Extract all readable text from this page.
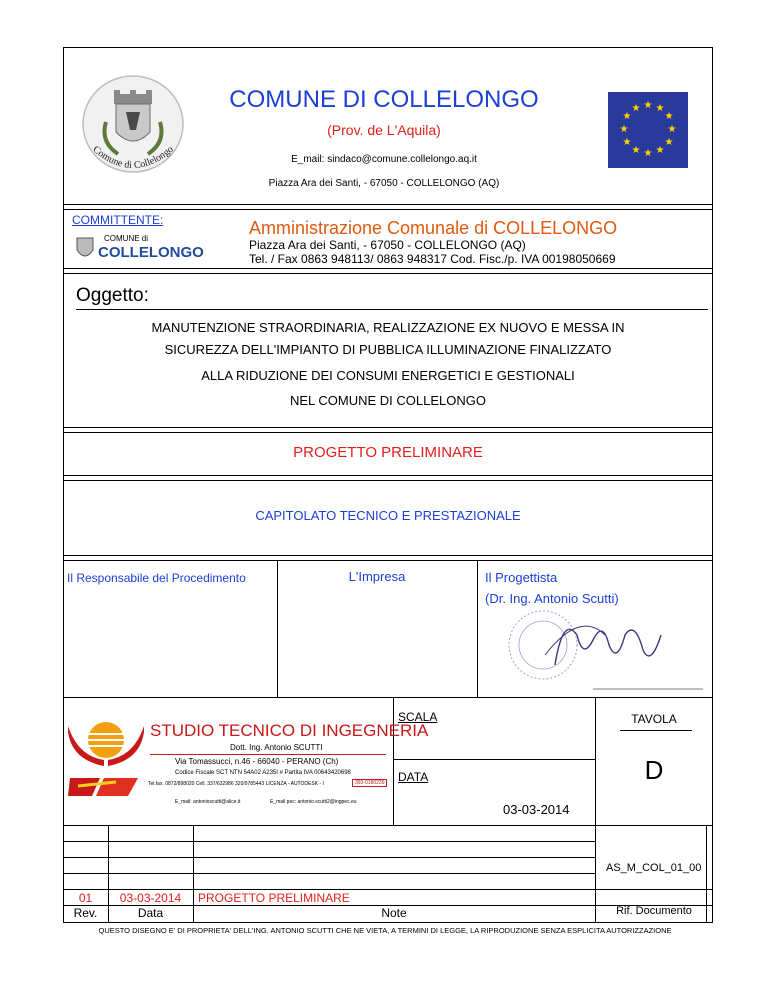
Comune di Collelongo
COMUNE DI COLLELONGO
(Prov. de L'Aquila)
E_mail: sindaco@comune.collelongo.aq.it
Piazza Ara dei Santi, - 67050 - COLLELONGO (AQ)
★ ★
★
★
★
★
★
★
★
★
★
★
COMMITTENTE:
COMUNE di
COLLELONGO
Amministrazione Comunale di COLLELONGO
Piazza Ara dei Santi, - 67050 - COLLELONGO (AQ)
Tel. / Fax 0863 948113/ 0863 948317 Cod. Fisc./p. IVA 00198050669
Oggetto:
MANUTENZIONE STRAORDINARIA, REALIZZAZIONE EX NUOVO E MESSA IN
SICUREZZA DELL'IMPIANTO DI PUBBLICA ILLUMINAZIONE FINALIZZATO
ALLA RIDUZIONE DEI CONSUMI ENERGETICI E GESTIONALI
NEL COMUNE DI COLLELONGO
PROGETTO PRELIMINARE
CAPITOLATO TECNICO E PRESTAZIONALE
Il Responsabile del Procedimento	L'Impresa	Il Progettista
(Dr. Ing. Antonio Scutti)
STUDIO TECNICO DI INGEGNERIA
Dott. Ing. Antonio SCUTTI
Via Tomassucci, n.46 - 66040 - PERANO (Ch)
Codice Fiscale SCT NTN 54A02 A235I # Partita IVA 00643420698
Tel.fax. 0872/898020 Cell. 337/632986 320/9785443 LICENZA - AUTODESK - I	393-0180239
E_mail: antonioscutti@alice.it	E_mail pec: antonio.scutti2@ingpec.eu
SCALA	TAVOLA
D
DATA
03-03-2014
AS_M_COL_01_00
01	03-03-2014	PROGETTO PRELIMINARE
Rev.	Data	Note	Rif. Documento
QUESTO DISEGNO E' DI PROPRIETA' DELL'ING. ANTONIO SCUTTI CHE NE VIETA, A TERMINI DI LEGGE, LA RIPRODUZIONE SENZA ESPLICITA AUTORIZZAZIONE
